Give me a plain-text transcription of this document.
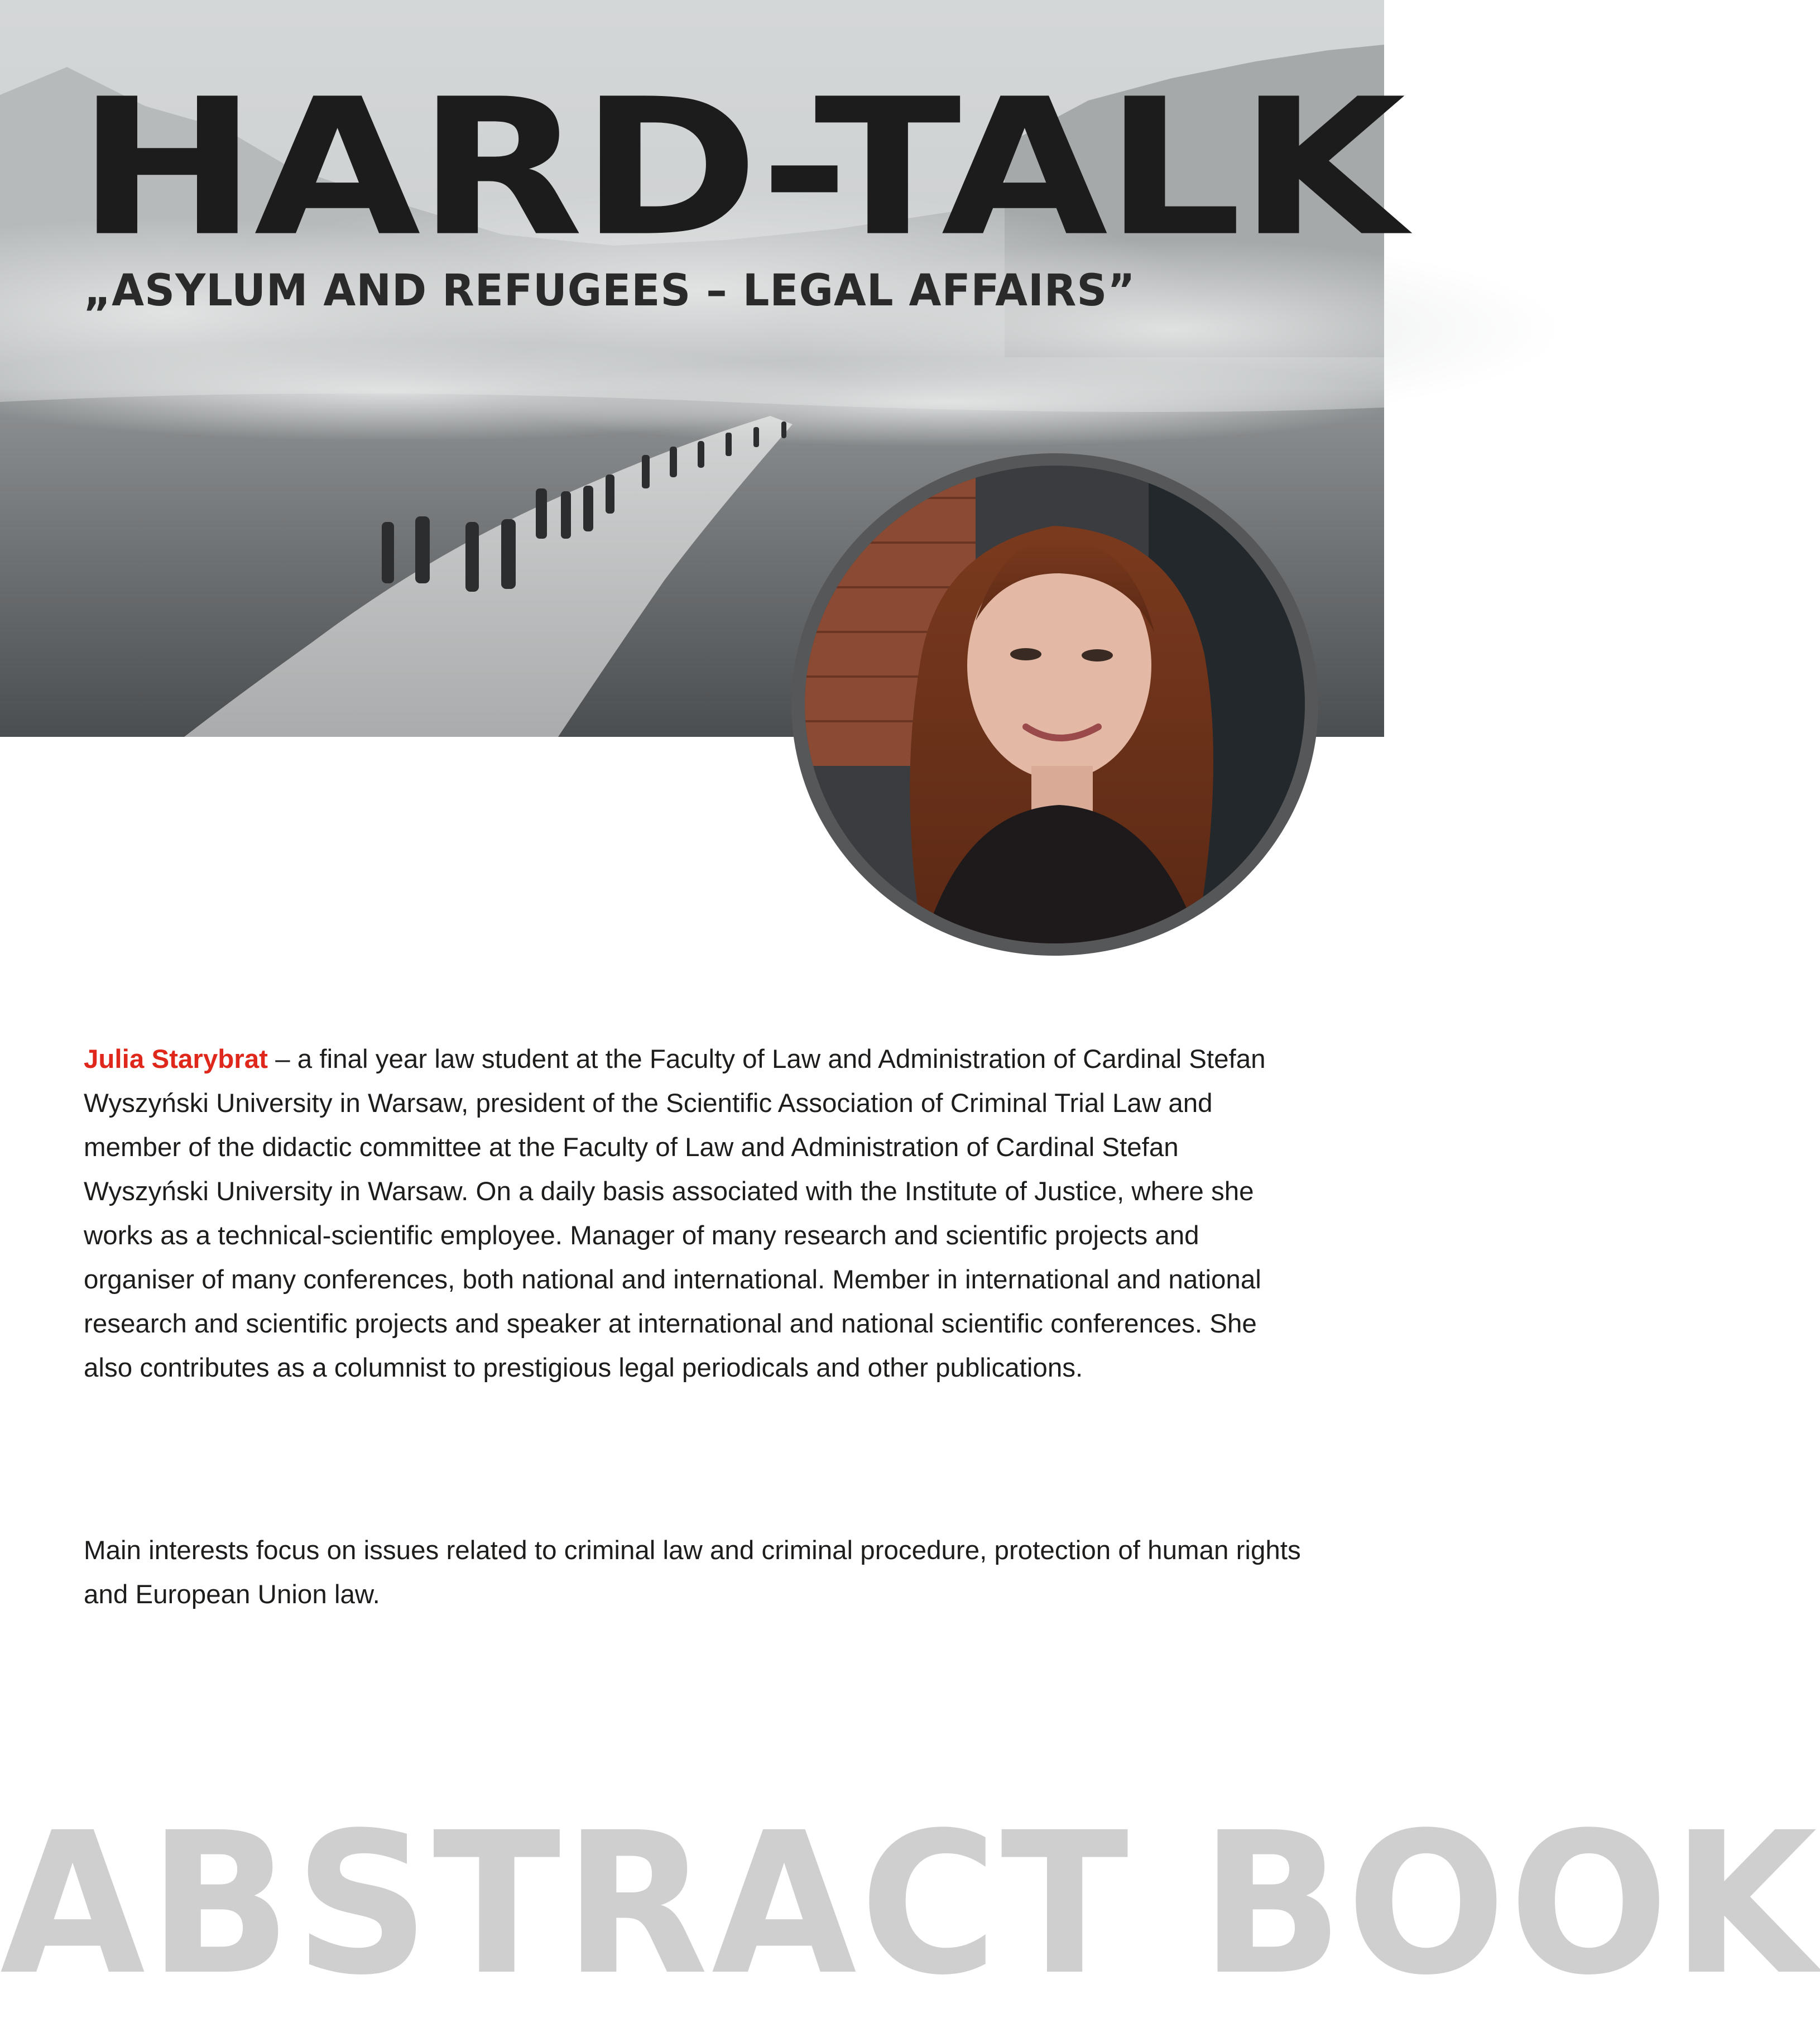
HARD-TALK

„ASYLUM AND REFUGEES – LEGAL AFFAIRS”

Julia Starybrat – a final year law student at the Faculty of Law and Administration of Cardinal Stefan Wyszyński University in Warsaw, president of the Scientific Association of Criminal Trial Law and member of the didactic committee at the Faculty of Law and Administration of Cardinal Stefan Wyszyński University in Warsaw. On a daily basis associated with the Institute of Justice, where she works as a technical-scientific employee. Manager of many research and scientific projects and organiser of many conferences, both national and international. Member in international and national research and scientific projects and speaker at international and national scientific conferences. She also contributes as a columnist to prestigious legal periodicals and other publications.

Main interests focus on issues related to criminal law and criminal procedure, protection of human rights and European Union law.

ABSTRACT BOOK
